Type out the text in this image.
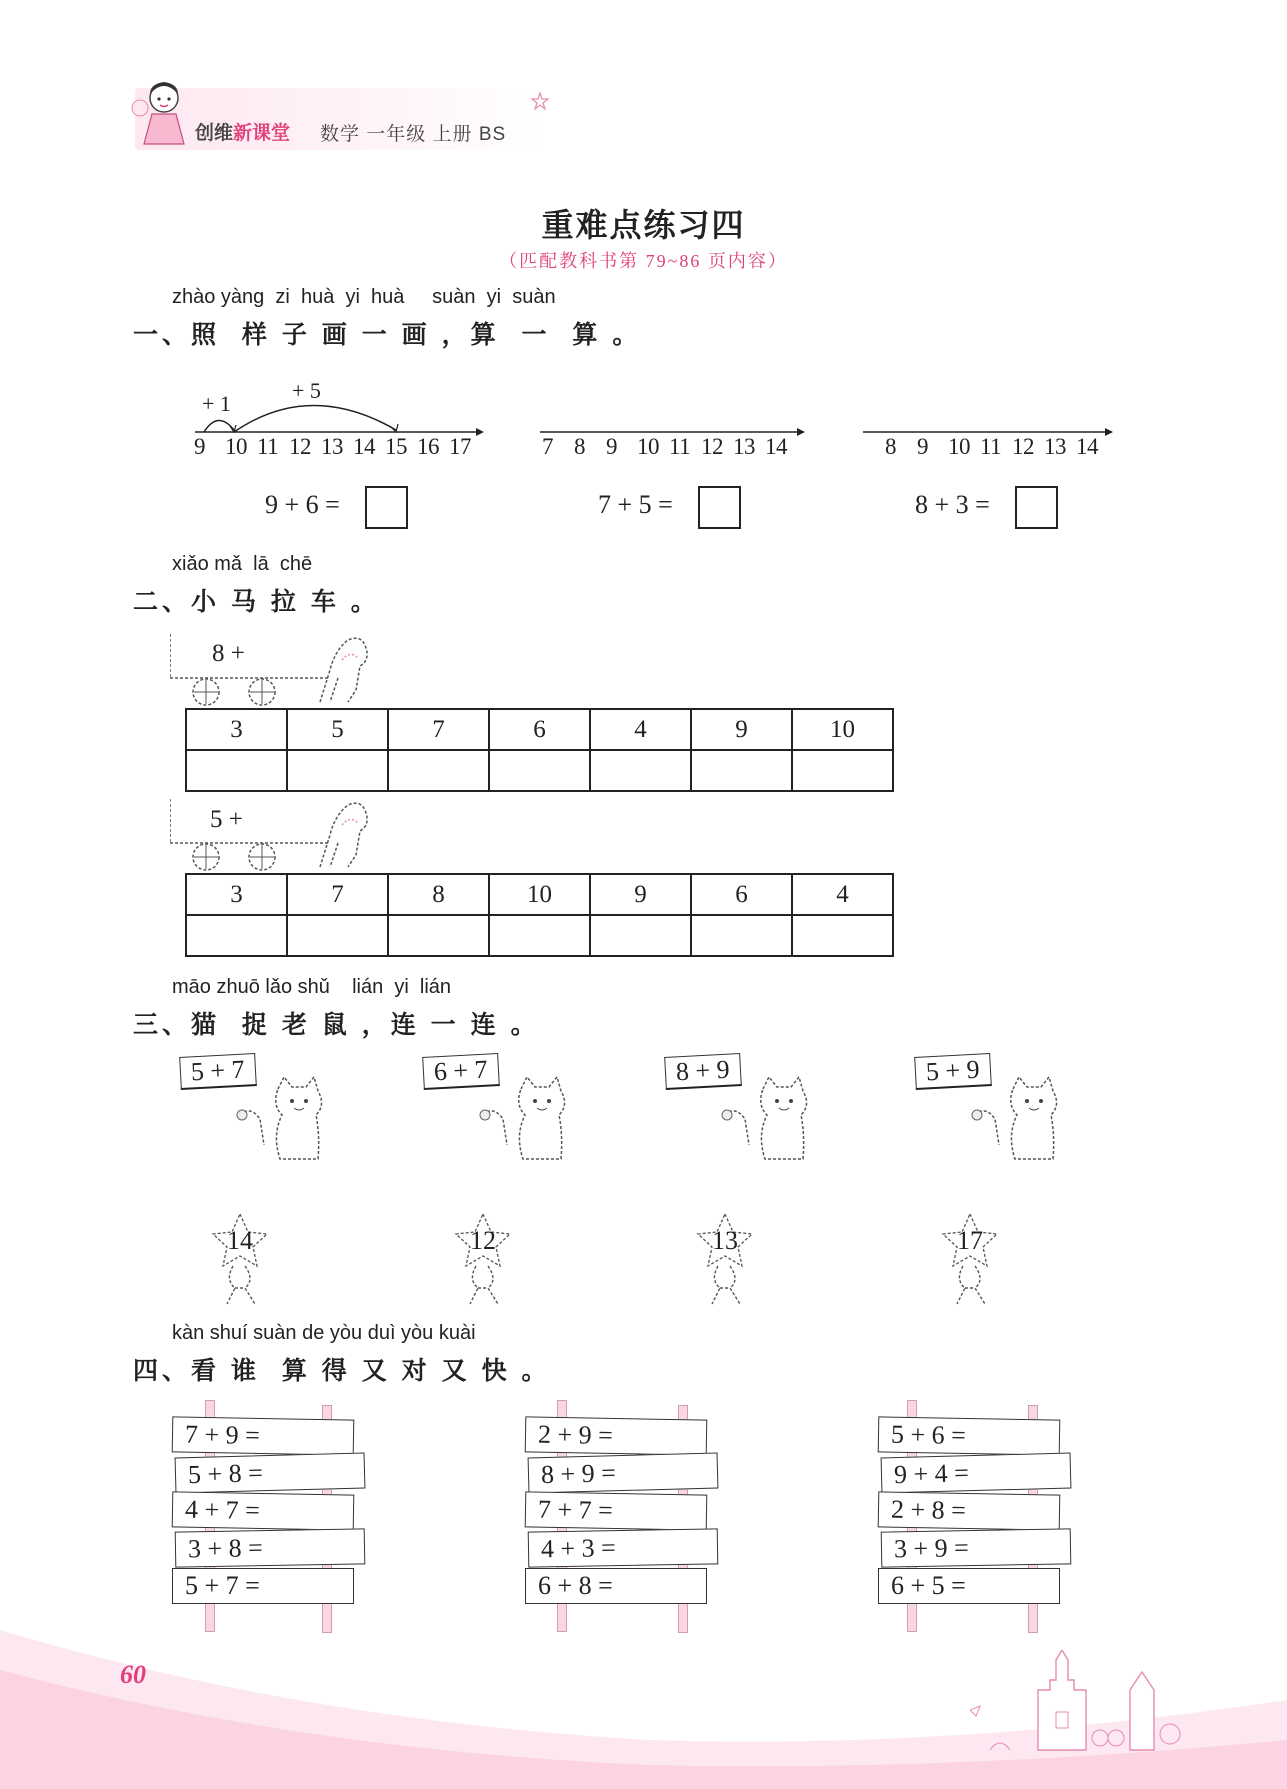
创维新课堂 数学 一年级 上册 BS
重难点练习四
（匹配教科书第 79~86 页内容）
zhào yàng  zi  huà  yi  huà     suàn  yi  suàn
一、照  样 子 画 一 画 ，算  一  算 。
+ 1
+ 5
9 10 11 12 13 14 15 16 17	7 8 9 10 11 12 13 14	8 9 10 11 12 13 14
9 + 6 =	7 + 5 =	8 + 3 =
xiǎo mǎ  lā  chē
二、小 马 拉 车 。
8 +
3	5	7	6	4	9	10

5 +
3	7	8	10	9	6	4

māo zhuō lǎo shǔ    lián  yi  lián
三、猫  捉 老 鼠 ，连 一 连 。
5 + 7	6 + 7	8 + 9	5 + 9
14	12	13	17
kàn shuí suàn de yòu duì yòu kuài
四、看 谁  算 得 又 对 又 快 。
7 + 9 =
5 + 8 =
4 + 7 =
3 + 8 =
5 + 7 =
2 + 9 =
8 + 9 =
7 + 7 =
4 + 3 =
6 + 8 =
5 + 6 =
9 + 4 =
2 + 8 =
3 + 9 =
6 + 5 =
60
